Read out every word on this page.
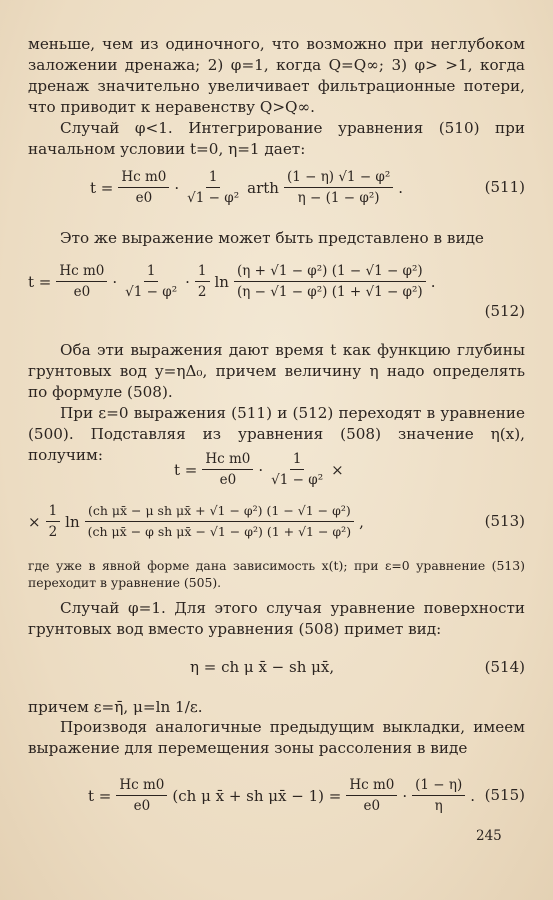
меньше, чем из одиночного, что возможно при неглубоком заложении дренажа; 2) φ=1, когда Q=Q∞; 3) φ> >1, когда дренаж значительно увеличивает фильтрационные потери, что приводит к неравенству Q>Q∞.

Случай φ<1. Интегрирование уравнения (510) при начальном условии t=0, η=1 дает:

$t = \frac{\text{Hc m0}}{e0} \cdot \frac{1}{\text{√1 − φ²}}$ arth $\frac{\text{(1 − η) √1 − φ²}}{\text{η − (1 − φ²)}}$ .	(511)

Это же выражение может быть представлено в виде

$t = \frac{\text{Hc m0}}{e0} \cdot \frac{1}{\text{√1 − φ²}} \cdot \frac{1}{2}$ $\ln \frac{\text{(η + √1 − φ²) (1 − √1 − φ²)}}{\text{(η − √1 − φ²) (1 + √1 − φ²)}}$ .
(512)

Оба эти выражения дают время t как функцию глубины грунтовых вод y=ηΔ₀, причем величину η надо определять по формуле (508).

При ε=0 выражения (511) и (512) переходят в уравнение (500). Подставляя из уравнения (508) значение η(x), получим:

$t = \frac{\text{Hc m0}}{e0} \cdot \frac{1}{\text{√1 − φ²}}$ ×
× $\frac{1}{2}$ $\ln \frac{\text{(ch μx̄ − μ sh μx̄ + √1 − φ²) (1 − √1 − φ²)}}{\text{(ch μx̄ − φ sh μx̄ − √1 − φ²) (1 + √1 − φ²)}}$ ,	(513)

где уже в явной форме дана зависимость x(t); при ε=0 уравнение (513) переходит в уравнение (505).

Случай φ=1. Для этого случая уравнение поверхности грунтовых вод вместо уравнения (508) примет вид:

η = ch μ x̄ − sh μx̄,	(514)

причем ε=η̄, μ=ln 1/ε.

Производя аналогичные предыдущим выкладки, имеем выражение для перемещения зоны рассоления в виде

$t = \frac{\text{Hc m0}}{e0} (ch$ μ x̄ + sh μx̄ − $1) = \frac{\text{Hc m0}}{e0} \cdot \frac{(1 - \eta)}{\eta}$ . (515)
245
